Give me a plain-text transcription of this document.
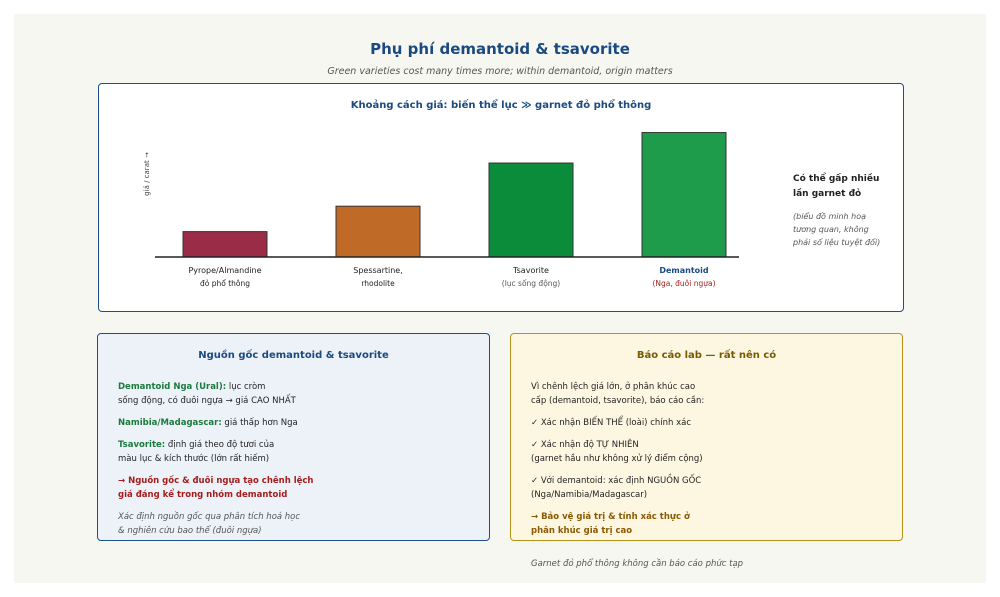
Phụ phí demantoid & tsavorite
Green varieties cost many times more; within demantoid, origin matters
giá / carat →
Pyrope/Almandine
đỏ phổ thông
Spessartine,
rhodolite
Tsavorite
(lục sống động)
Demantoid
(Nga, đuôi ngựa)
Khoảng cách giá: biến thể lục ≫ garnet đỏ phổ thông
Có thể gấp nhiều
lần garnet đỏ
(biểu đồ minh hoạ
tương quan, không
phải số liệu tuyệt đối)
Nguồn gốc demantoid & tsavorite

Demantoid Nga (Ural): lục cròm
sống động, có đuôi ngựa → giá CAO NHẤT

Namibia/Madagascar: giá thấp hơn Nga

Tsavorite: định giá theo độ tươi của
màu lục & kích thước (lớn rất hiếm)

→ Nguồn gốc & đuôi ngựa tạo chênh lệch
giá đáng kể trong nhóm demantoid

Xác định nguồn gốc qua phân tích hoá học
& nghiên cứu bao thể (đuôi ngựa)

Báo cáo lab — rất nên có

Vì chênh lệch giá lớn, ở phân khúc cao
cấp (demantoid, tsavorite), báo cáo cần:

✓ Xác nhận BIẾN THỂ (loài) chính xác

✓ Xác nhận độ TỰ NHIÊN
(garnet hầu như không xử lý điểm cộng)

✓ Với demantoid: xác định NGUỒN GỐC
(Nga/Namibia/Madagascar)

→ Bảo vệ giá trị & tính xác thực ở
phân khúc giá trị cao

Garnet đỏ phổ thông không cần báo cáo phức tạp
